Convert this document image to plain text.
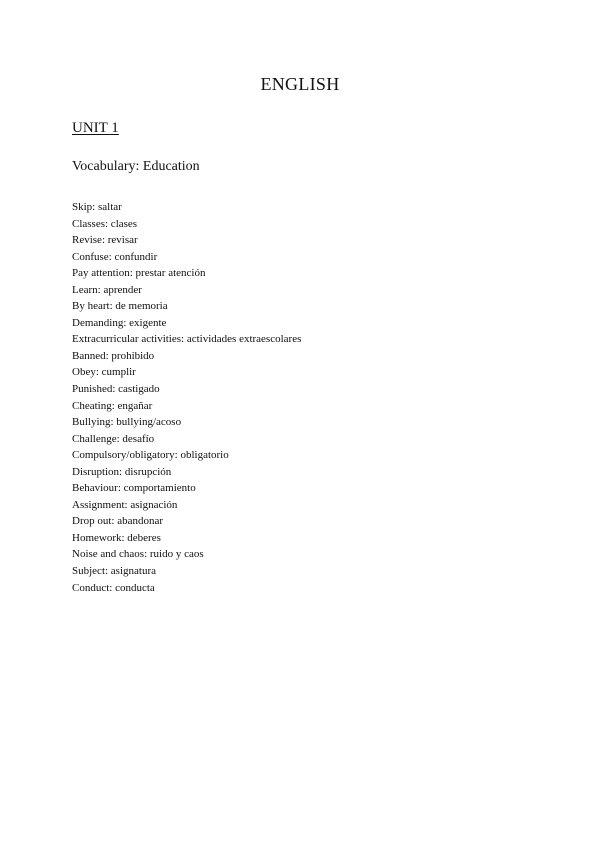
ENGLISH
UNIT 1
Vocabulary: Education
Skip: saltar
Classes: clases
Revise: revisar
Confuse: confundir
Pay attention: prestar atención
Learn: aprender
By heart: de memoria
Demanding: exigente
Extracurricular activities: actividades extraescolares
Banned: prohibido
Obey: cumplir
Punished: castigado
Cheating: engañar
Bullying: bullying/acoso
Challenge: desafío
Compulsory/obligatory: obligatorio
Disruption: disrupción
Behaviour: comportamiento
Assignment: asignación
Drop out: abandonar
Homework: deberes
Noise and chaos: ruido y caos
Subject: asignatura
Conduct: conducta
